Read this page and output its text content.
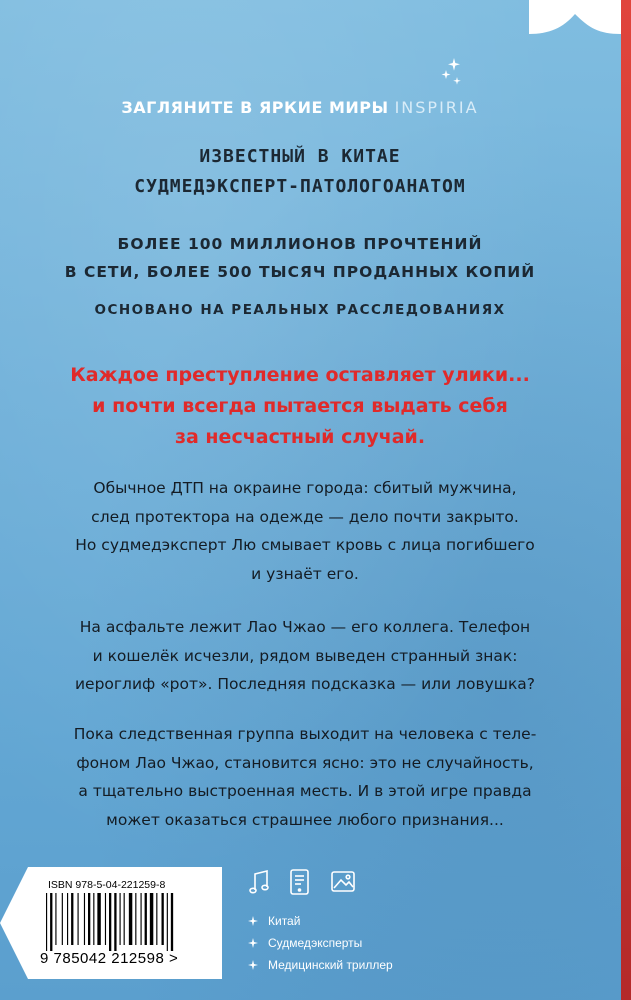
ЗАГЛЯНИТЕ В ЯРКИЕ МИРЫ INSPIRIA
ИЗВЕСТНЫЙ В КИТАЕ
СУДМЕДЭКСПЕРТ-ПАТОЛОГОАНАТОМ
БОЛЕЕ 100 МИЛЛИОНОВ ПРОЧТЕНИЙ
В СЕТИ, БОЛЕЕ 500 ТЫСЯЧ ПРОДАННЫХ КОПИЙ
ОСНОВАНО НА РЕАЛЬНЫХ РАССЛЕДОВАНИЯХ
Каждое преступление оставляет улики...
и почти всегда пытается выдать себя
за несчастный случай.
Обычное ДТП на окраине города: сбитый мужчина,
след протектора на одежде — дело почти закрыто.
Но судмедэксперт Лю смывает кровь с лица погибшего
и узнаёт его.
На асфальте лежит Лао Чжао — его коллега. Телефон
и кошелёк исчезли, рядом выведен странный знак:
иероглиф «рот». Последняя подсказка — или ловушка?
Пока следственная группа выходит на человека с теле-
фоном Лао Чжао, становится ясно: это не случайность,
а тщательно выстроенная месть. И в этой игре правда
может оказаться страшнее любого признания...
ISBN 978-5-04-221259-8
9 785042 212598 >
Китай
Судмедэксперты
Медицинский триллер
